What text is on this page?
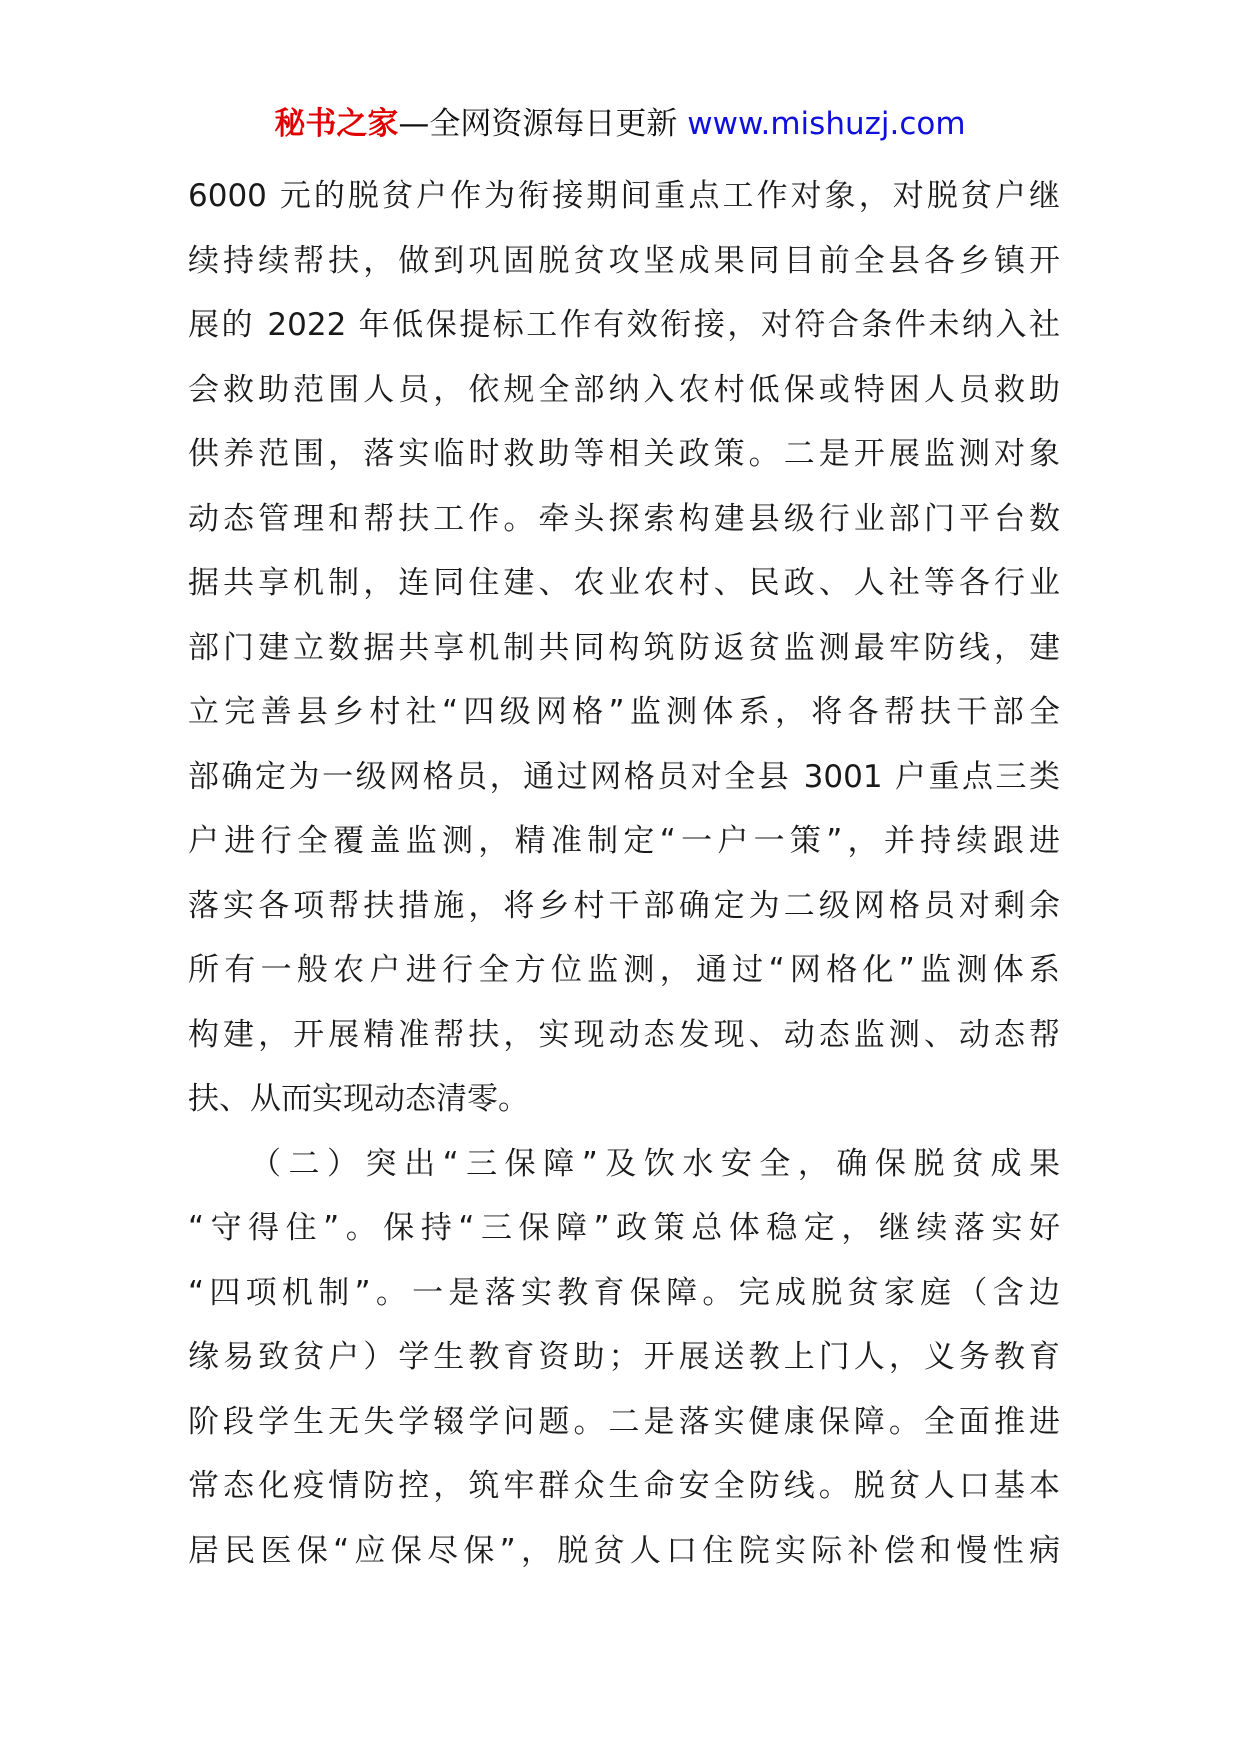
秘书之家—全网资源每日更新 www.mishuzj.com
6000 元的脱贫户作为衔接期间重点工作对象，对脱贫户继
续持续帮扶，做到巩固脱贫攻坚成果同目前全县各乡镇开
展的 2022 年低保提标工作有效衔接，对符合条件未纳入社
会救助范围人员，依规全部纳入农村低保或特困人员救助
供养范围，落实临时救助等相关政策。二是开展监测对象
动态管理和帮扶工作。牵头探索构建县级行业部门平台数
据共享机制，连同住建、农业农村、民政、人社等各行业
部门建立数据共享机制共同构筑防返贫监测最牢防线，建
立完善县乡村社“四级网格”监测体系，将各帮扶干部全
部确定为一级网格员，通过网格员对全县 3001 户重点三类
户进行全覆盖监测，精准制定“一户一策”，并持续跟进
落实各项帮扶措施，将乡村干部确定为二级网格员对剩余
所有一般农户进行全方位监测，通过“网格化”监测体系
构建，开展精准帮扶，实现动态发现、动态监测、动态帮
扶、从而实现动态清零。
（二）突出“三保障”及饮水安全，确保脱贫成果
“守得住”。保持“三保障”政策总体稳定，继续落实好
“四项机制”。一是落实教育保障。完成脱贫家庭（含边
缘易致贫户）学生教育资助；开展送教上门人，义务教育
阶段学生无失学辍学问题。二是落实健康保障。全面推进
常态化疫情防控，筑牢群众生命安全防线。脱贫人口基本
居民医保“应保尽保”，脱贫人口住院实际补偿和慢性病
